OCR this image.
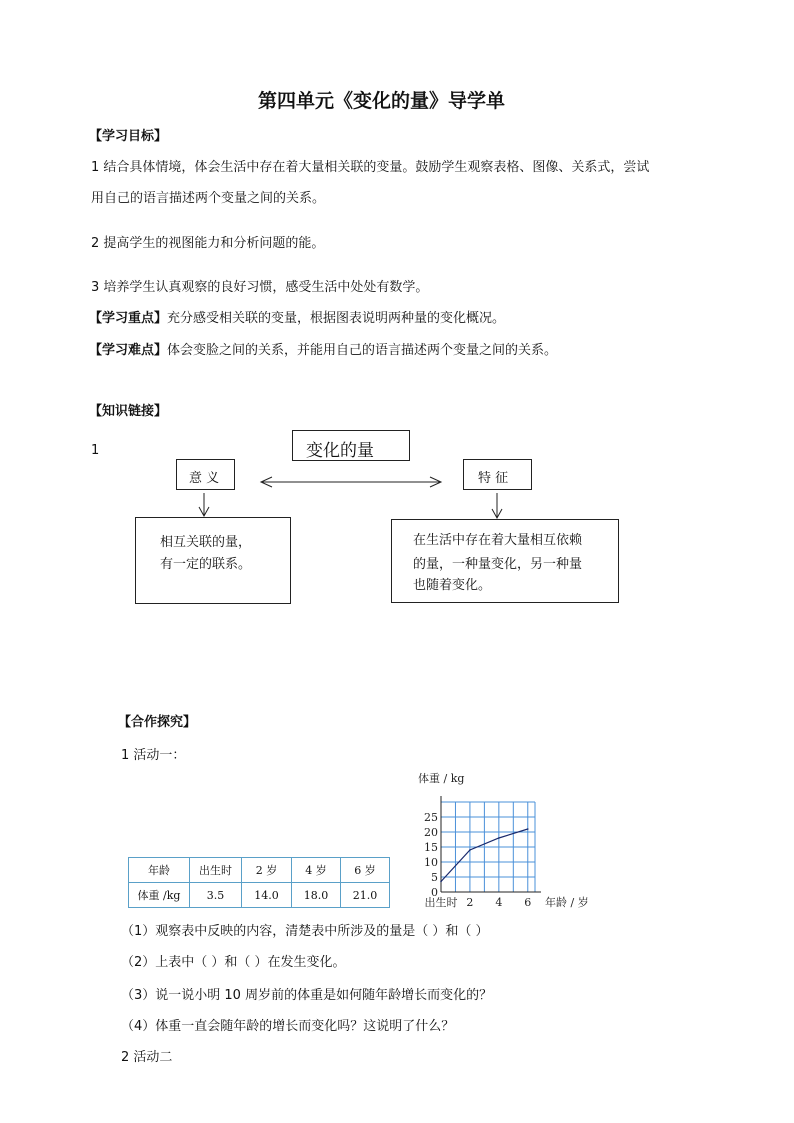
第四单元《变化的量》导学单
【学习目标】
1 结合具体情境，体会生活中存在着大量相关联的变量。鼓励学生观察表格、图像、关系式，尝试
用自己的语言描述两个变量之间的关系。
2 提高学生的视图能力和分析问题的能。
3 培养学生认真观察的良好习惯，感受生活中处处有数学。
【学习重点】充分感受相关联的变量，根据图表说明两种量的变化概况。
【学习难点】体会变脸之间的关系，并能用自己的语言描述两个变量之间的关系。
【知识链接】
1	变化的量
意 义	特 征
相互关联的量，
有一定的联系。
在生活中存在着大量相互依赖
的量，一种量变化，另一种量
也随着变化。
【合作探究】
1 活动一：
年龄	出生时	2 岁	4 岁	6 岁
体重 /kg	3.5	14.0	18.0	21.0	0
5
10
15
20
25
出生时 2 4 6
体重 / kg
年龄 / 岁
（1）观察表中反映的内容，清楚表中所涉及的量是（ ）和（ ）
（2）上表中（ ）和（ ）在发生变化。
（3）说一说小明 10 周岁前的体重是如何随年龄增长而变化的？
（4）体重一直会随年龄的增长而变化吗？这说明了什么？
2 活动二
